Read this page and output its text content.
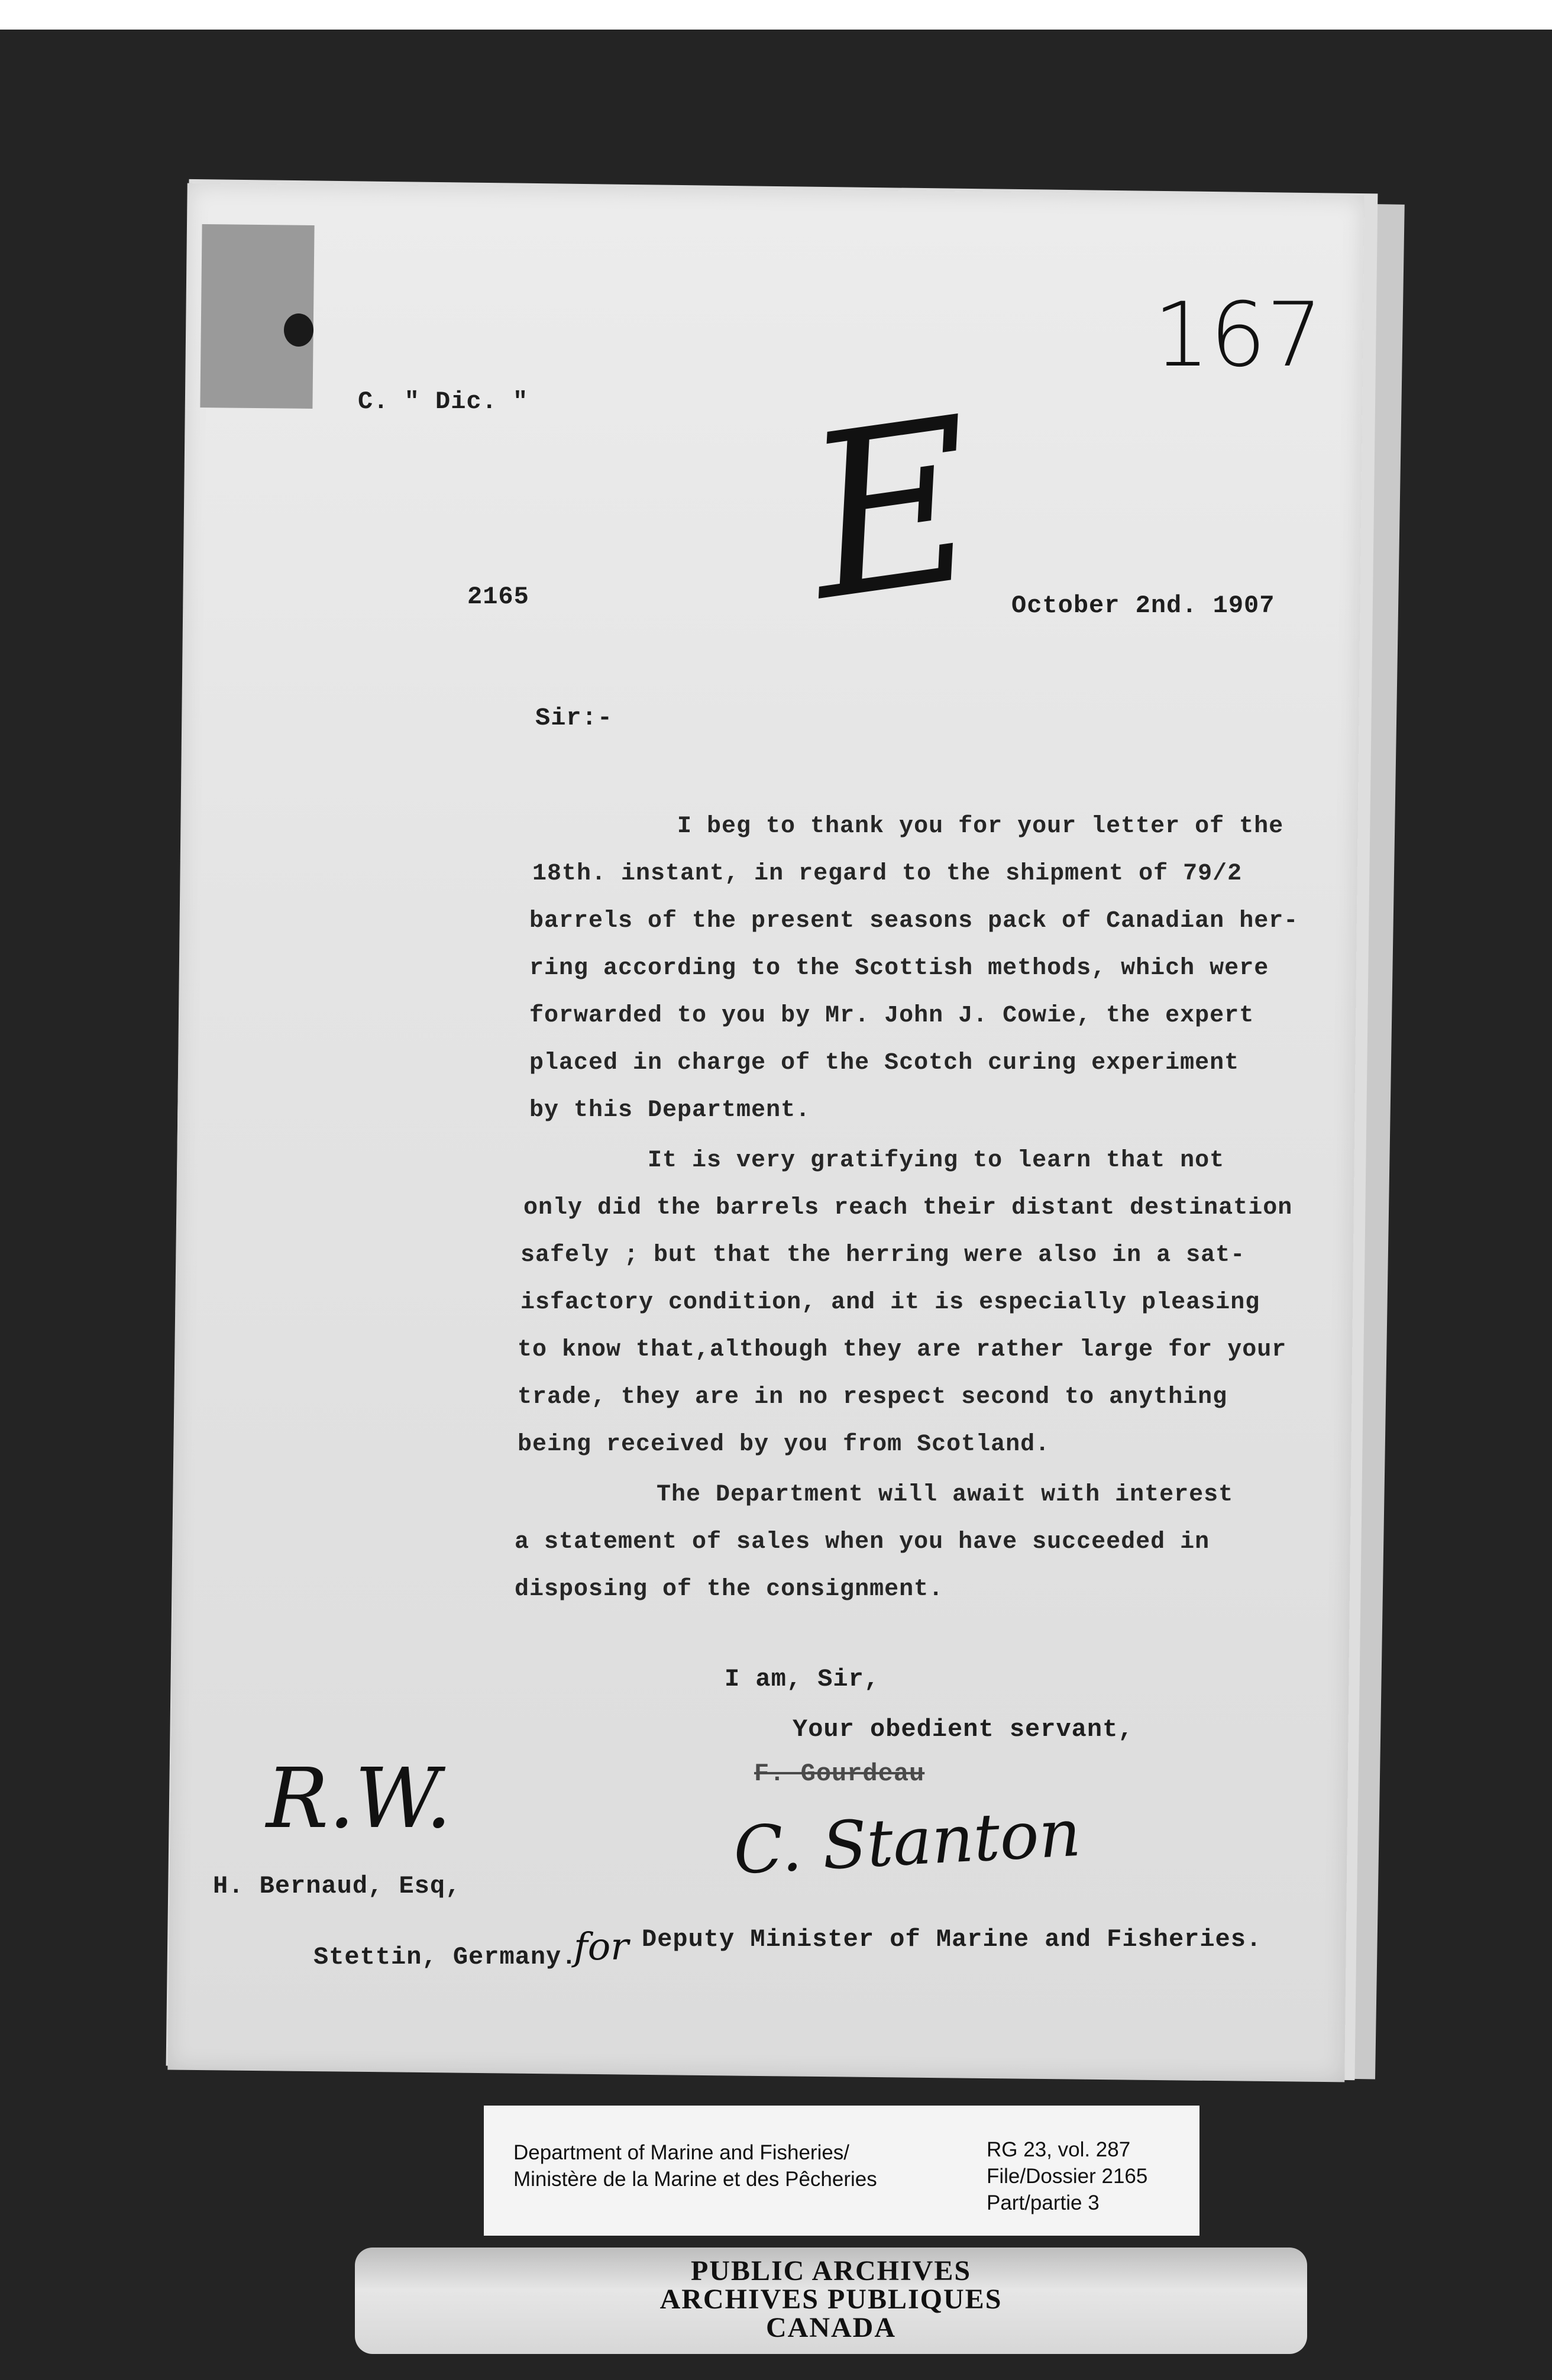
167
E
C. " Dic. "
2165	October 2nd. 1907
Sir:-
I beg to thank you for your letter of the
18th. instant, in regard to the shipment of 79/2
barrels of the present seasons pack of Canadian her-
ring according to the Scottish methods, which were
forwarded to you by Mr. John J. Cowie, the expert
placed in charge of the Scotch curing experiment
by this Department.
It is very gratifying to learn that not
only did the barrels reach their distant destination
safely ; but that the herring were also in a sat-
isfactory condition, and it is especially pleasing
to know that,although they are rather large for your
trade, they are in no respect second to anything
being received by you from Scotland.
The Department will await with interest
a statement of sales when you have succeeded in
disposing of the consignment.
I am, Sir,
Your obedient servant,
F. Gourdeau
R.W.	C. Stanton
H. Bernaud, Esq,
Stettin, Germany.
for Deputy Minister of Marine and Fisheries.
Department of Marine and Fisheries/
Ministère de la Marine et des Pêcheries
RG 23, vol. 287
File/Dossier 2165
Part/partie 3
PUBLIC ARCHIVES
ARCHIVES PUBLIQUES
CANADA
